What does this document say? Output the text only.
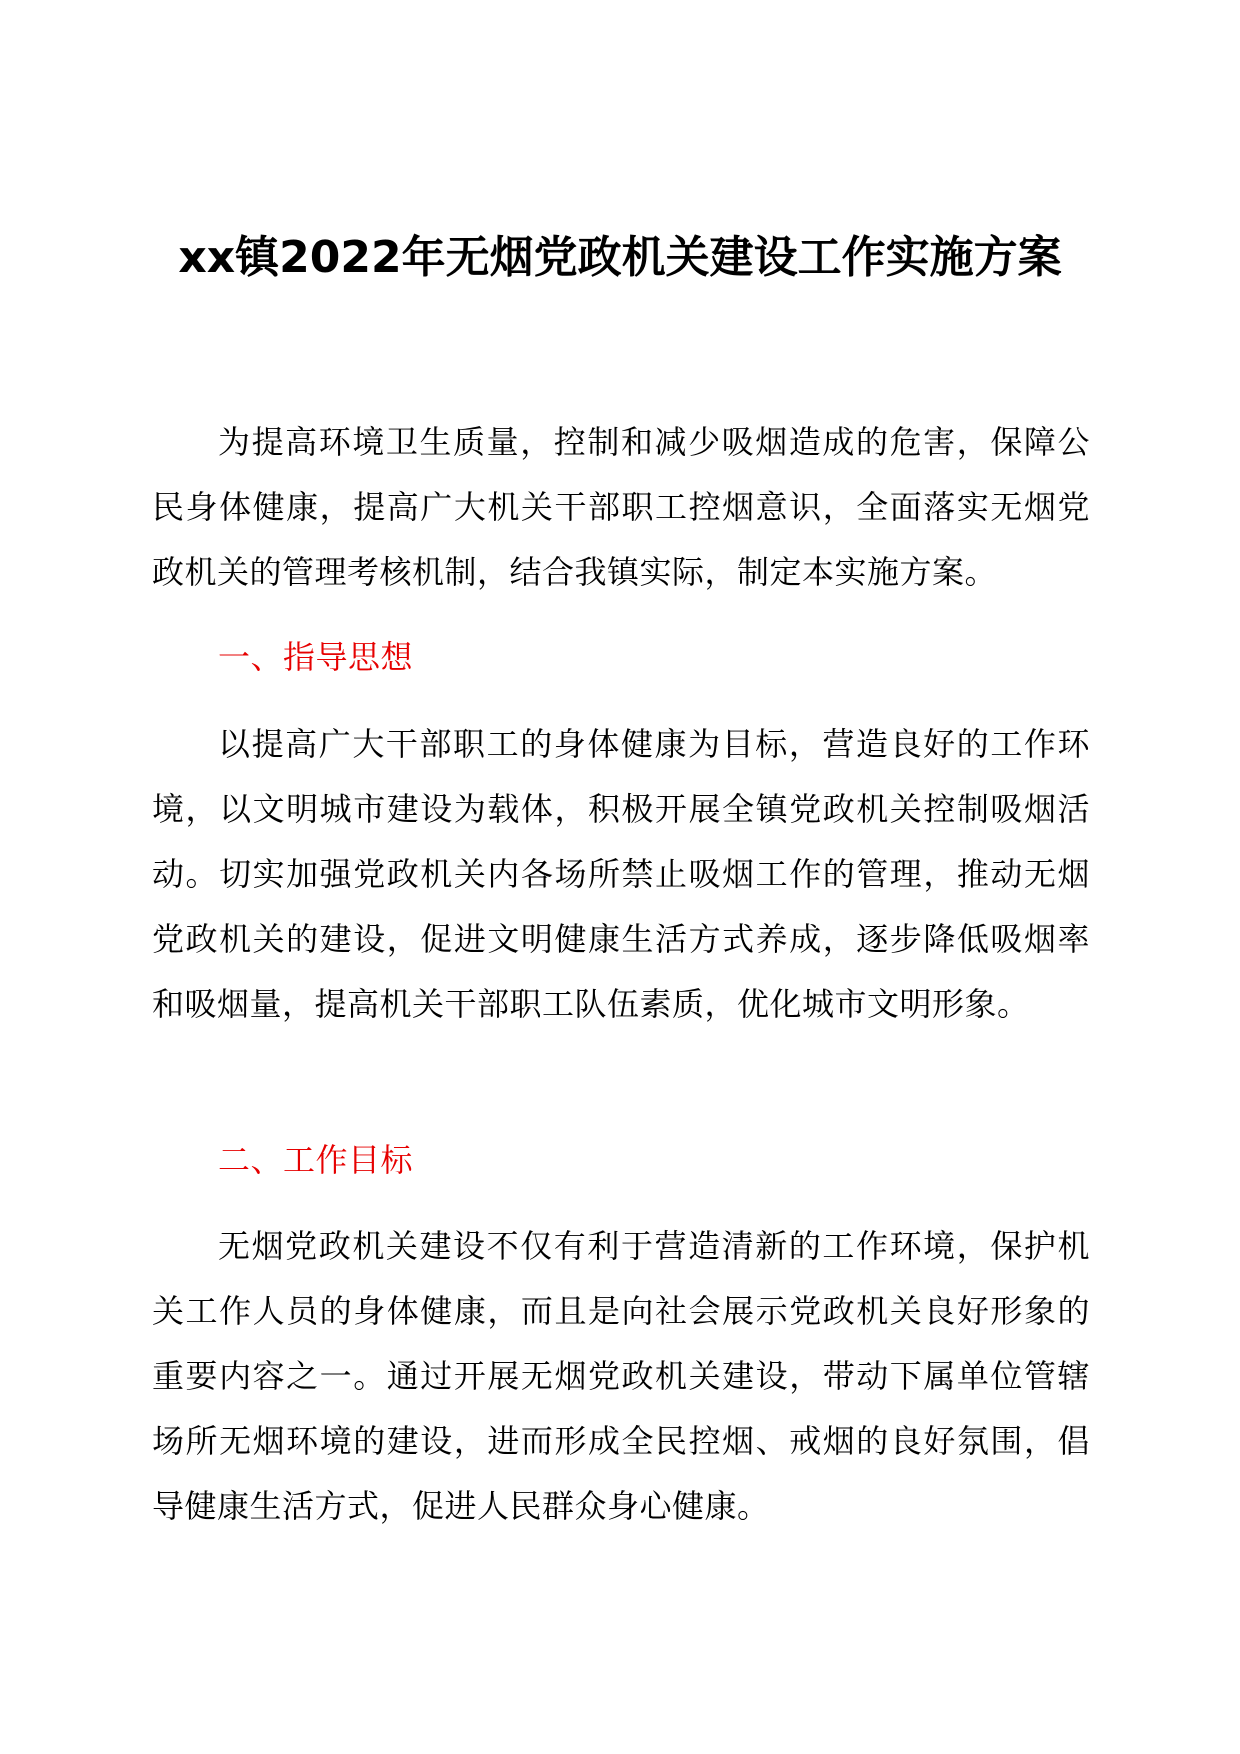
xx镇2022年无烟党政机关建设工作实施方案

为提高环境卫生质量，控制和减少吸烟造成的危害，保障公民身体健康，提高广大机关干部职工控烟意识，全面落实无烟党政机关的管理考核机制，结合我镇实际，制定本实施方案。

一、指导思想

以提高广大干部职工的身体健康为目标，营造良好的工作环境，以文明城市建设为载体，积极开展全镇党政机关控制吸烟活动。切实加强党政机关内各场所禁止吸烟工作的管理，推动无烟党政机关的建设，促进文明健康生活方式养成，逐步降低吸烟率和吸烟量，提高机关干部职工队伍素质，优化城市文明形象。

二、工作目标

无烟党政机关建设不仅有利于营造清新的工作环境，保护机关工作人员的身体健康，而且是向社会展示党政机关良好形象的重要内容之一。通过开展无烟党政机关建设，带动下属单位管辖场所无烟环境的建设，进而形成全民控烟、戒烟的良好氛围，倡导健康生活方式，促进人民群众身心健康。
